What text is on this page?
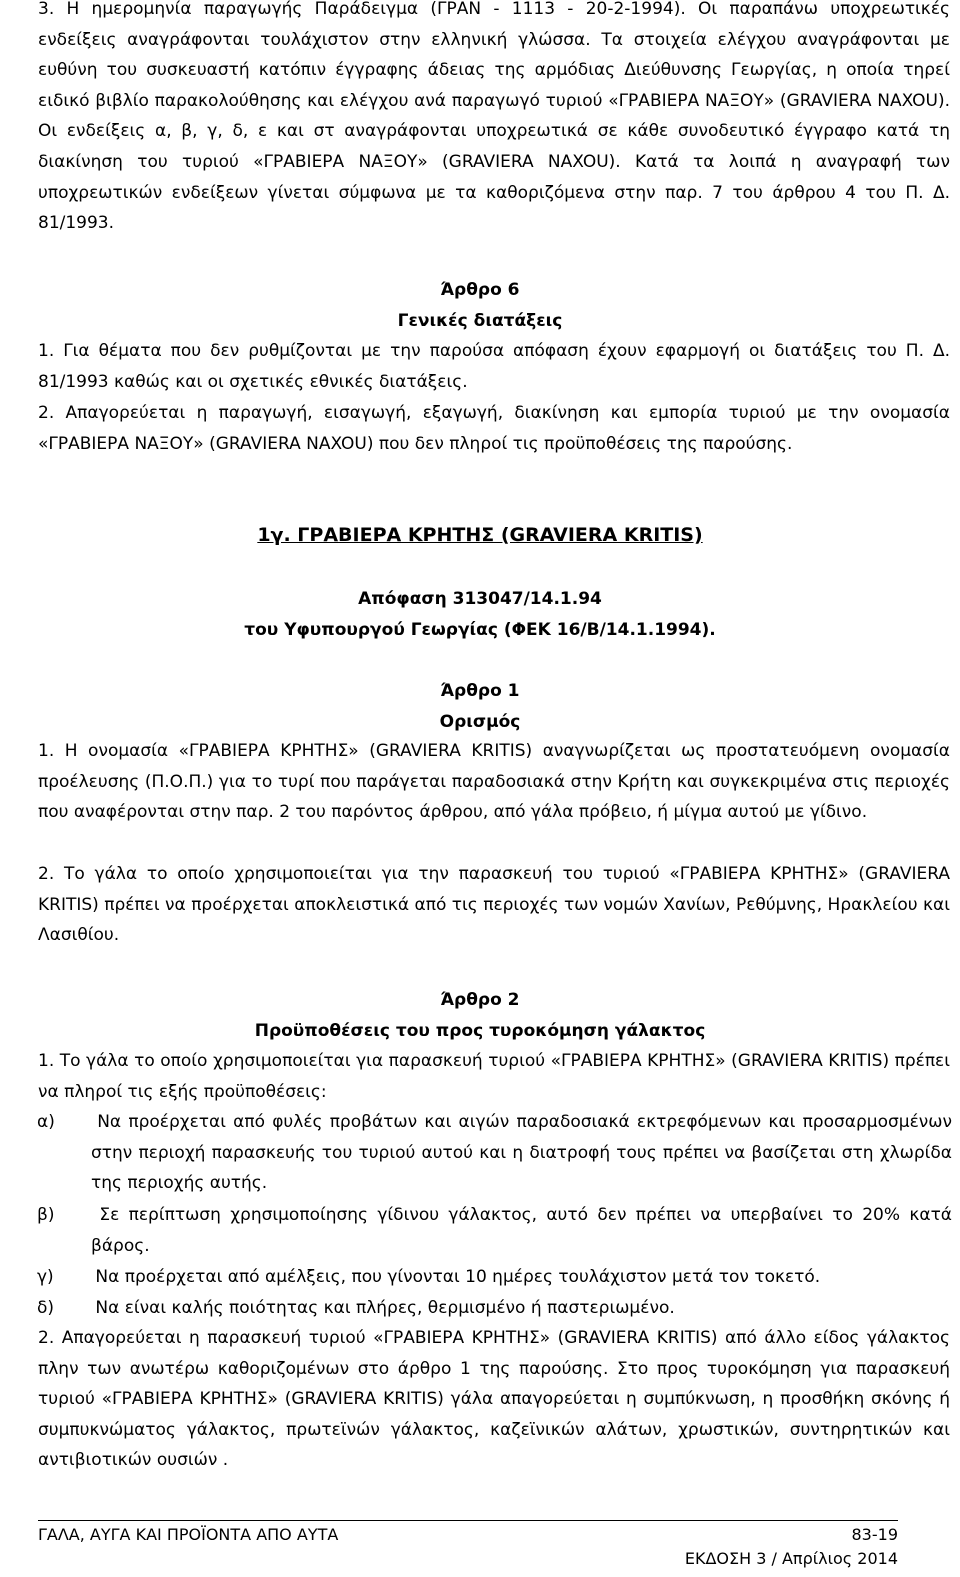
3. Η ημερομηνία παραγωγής Παράδειγμα (ΓΡΑΝ - 1113 - 20-2-1994). Οι παραπάνω υποχρεωτικές ενδείξεις αναγράφονται τουλάχιστον στην ελληνική γλώσσα. Τα στοιχεία ελέγχου αναγράφονται με ευθύνη του συσκευαστή κατόπιν έγγραφης άδειας της αρμόδιας Διεύθυνσης Γεωργίας, η οποία τηρεί ειδικό βιβλίο παρακολούθησης και ελέγχου ανά παραγωγό τυριού «ΓΡΑΒΙΕΡΑ ΝΑΞΟΥ» (GRAVIERA NAXOU). Οι ενδείξεις α, β, γ, δ, ε και στ αναγράφονται υποχρεωτικά σε κάθε συνοδευτικό έγγραφο κατά τη διακίνηση του τυριού «ΓΡΑΒΙΕΡΑ ΝΑΞΟΥ» (GRAVIERA NAXOU). Κατά τα λοιπά η αναγραφή των υποχρεωτικών ενδείξεων γίνεται σύμφωνα με τα καθοριζόμενα στην παρ. 7 του άρθρου 4 του Π. Δ. 81/1993.

Άρθρο 6

Γενικές διατάξεις

1. Για θέματα που δεν ρυθμίζονται με την παρούσα απόφαση έχουν εφαρμογή οι διατάξεις του Π. Δ. 81/1993 καθώς και οι σχετικές εθνικές διατάξεις.

2. Απαγορεύεται η παραγωγή, εισαγωγή, εξαγωγή, διακίνηση και εμπορία τυριού με την ονομασία «ΓΡΑΒΙΕΡΑ ΝΑΞΟΥ» (GRAVIERA NAXOU) που δεν πληροί τις προϋποθέσεις της παρούσης.

1γ. ΓΡΑΒΙΕΡΑ ΚΡΗΤΗΣ (GRAVIERA KRITIS)

Απόφαση 313047/14.1.94

του Υφυπουργού Γεωργίας (ΦΕΚ 16/Β/14.1.1994).

Άρθρο 1

Ορισμός

1. Η ονομασία «ΓΡΑΒΙΕΡΑ ΚΡΗΤΗΣ» (GRAVIERA KRITIS) αναγνωρίζεται ως προστατευόμενη ονομασία προέλευσης (Π.Ο.Π.) για το τυρί που παράγεται παραδοσιακά στην Κρήτη και συγκεκριμένα στις περιοχές που αναφέρονται στην παρ. 2 του παρόντος άρθρου, από γάλα πρόβειο, ή μίγμα αυτού με γίδινο.

2. Το γάλα το οποίο χρησιμοποιείται για την παρασκευή του τυριού «ΓΡΑΒΙΕΡΑ ΚΡΗΤΗΣ» (GRAVIERA KRITIS) πρέπει να προέρχεται αποκλειστικά από τις περιοχές των νομών Χανίων, Ρεθύμνης, Ηρακλείου και Λασιθίου.

Άρθρο 2

Προϋποθέσεις του προς τυροκόμηση γάλακτος

1. Το γάλα το οποίο χρησιμοποιείται για παρασκευή τυριού «ΓΡΑΒΙΕΡΑ ΚΡΗΤΗΣ» (GRAVIERA KRITIS) πρέπει να πληροί τις εξής προϋποθέσεις:

α) Να προέρχεται από φυλές προβάτων και αιγών παραδοσιακά εκτρεφόμενων και προσαρμοσμένων στην περιοχή παρασκευής του τυριού αυτού και η διατροφή τους πρέπει να βασίζεται στη χλωρίδα της περιοχής αυτής.

β)	Σε περίπτωση χρησιμοποίησης γίδινου γάλακτος, αυτό δεν πρέπει να υπερβαίνει το 20% κατά βάρος.

γ) Να προέρχεται από αμέλξεις, που γίνονται 10 ημέρες τουλάχιστον μετά τον τοκετό.

δ) Να είναι καλής ποιότητας και πλήρες, θερμισμένο ή παστεριωμένο.

2. Απαγορεύεται η παρασκευή τυριού «ΓΡΑΒΙΕΡΑ ΚΡΗΤΗΣ» (GRAVIERA KRITIS) από άλλο είδος γάλακτος πλην των ανωτέρω καθοριζομένων στο άρθρο 1 της παρούσης. Στο προς τυροκόμηση για παρασκευή τυριού «ΓΡΑΒΙΕΡΑ ΚΡΗΤΗΣ» (GRAVIERA KRITIS) γάλα απαγορεύεται η συμπύκνωση, η προσθήκη σκόνης ή συμπυκνώματος γάλακτος, πρωτεϊνών γάλακτος, καζεϊνικών αλάτων, χρωστικών, συντηρητικών και αντιβιοτικών ουσιών .

ΓΑΛΑ, ΑΥΓΑ ΚΑΙ ΠΡΟΪΟΝΤΑ ΑΠΟ ΑΥΤΑ	83-19
ΕΚΔΟΣΗ 3 / Απρίλιος 2014
